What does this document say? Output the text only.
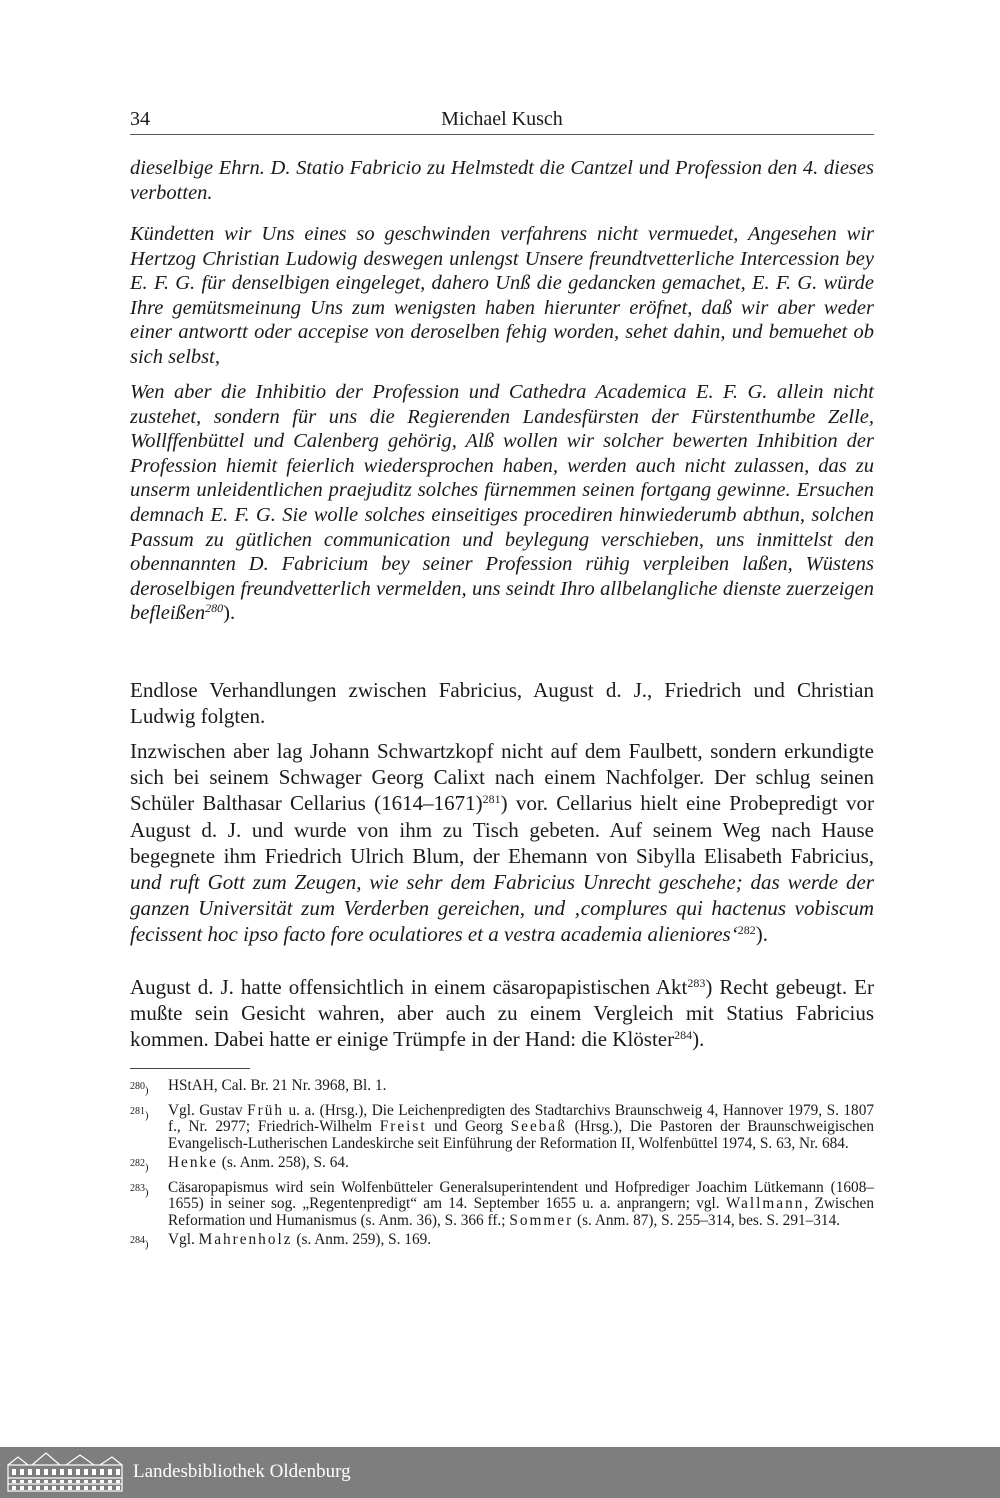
34	Michael Kusch

dieselbige Ehrn. D. Statio Fabricio zu Helmstedt die Cantzel und Profession den 4. dieses verbotten.

Kündetten wir Uns eines so geschwinden verfahrens nicht vermuedet, Angesehen wir Hertzog Christian Ludowig deswegen unlengst Unsere freundtvetterliche Intercession bey E. F. G. für denselbigen eingeleget, dahero Unß die gedancken gemachet, E. F. G. würde Ihre gemütsmeinung Uns zum wenigsten haben hierunter eröfnet, daß wir aber weder einer antwortt oder accepise von deroselben fehig worden, sehet dahin, und bemuehet ob sich selbst,

Wen aber die Inhibitio der Profession und Cathedra Academica E. F. G. allein nicht zustehet, sondern für uns die Regierenden Landesfürsten der Fürstenthumbe Zelle, Wollffenbüttel und Calenberg gehörig, Alß wollen wir solcher bewerten Inhibition der Profession hiemit feierlich wiedersprochen haben, werden auch nicht zulassen, das zu unserm unleidentlichen praejuditz solches fürnemmen seinen fortgang gewinne. Ersuchen demnach E. F. G. Sie wolle solches einseitiges procediren hinwiederumb abthun, solchen Passum zu gütlichen communication und beylegung verschieben, uns inmittelst den obennannten D. Fabricium bey seiner Profession rühig verpleiben laßen, Wüstens deroselbigen freundvetterlich vermelden, uns seindt Ihro allbelangliche dienste zuerzeigen befleißen$^{280}$).

Endlose Verhandlungen zwischen Fabricius, August d. J., Friedrich und Christian Ludwig folgten.

Inzwischen aber lag Johann Schwartzkopf nicht auf dem Faulbett, sondern erkundigte sich bei seinem Schwager Georg Calixt nach einem Nachfolger. Der schlug seinen Schüler Balthasar Cellarius (1614–1671)$^{281}$) vor. Cellarius hielt eine Probepredigt vor August d. J. und wurde von ihm zu Tisch gebeten. Auf seinem Weg nach Hause begegnete ihm Friedrich Ulrich Blum, der Ehemann von Sibylla Elisabeth Fabricius, und ruft Gott zum Zeugen, wie sehr dem Fabricius Unrecht geschehe; das werde der ganzen Universität zum Verderben gereichen, und ‚complures qui hactenus vobiscum fecissent hoc ipso facto fore oculatiores et a vestra academia alieniores‘$^{282}$).

August d. J. hatte offensichtlich in einem cäsaropapistischen Akt$^{283}$) Recht gebeugt. Er mußte sein Gesicht wahren, aber auch zu einem Vergleich mit Statius Fabricius kommen. Dabei hatte er einige Trümpfe in der Hand: die Klöster$^{284}$).

$^{280}$)	HStAH, Cal. Br. 21 Nr. 3968, Bl. 1.
$^{281}$)	Vgl. Gustav Früh u. a. (Hrsg.), Die Leichenpredigten des Stadtarchivs Braunschweig 4, Hannover 1979, S. 1807 f., Nr. 2977; Friedrich-Wilhelm Freist und Georg Seebaß (Hrsg.), Die Pastoren der Braunschweigischen Evangelisch-Lutherischen Landeskirche seit Einführung der Reformation II, Wolfenbüttel 1974, S. 63, Nr. 684.
$^{282}$)	Henke (s. Anm. 258), S. 64.
$^{283}$)	Cäsaropapismus wird sein Wolfenbütteler Generalsuperintendent und Hofprediger Joachim Lütkemann (1608–1655) in seiner sog. „Regentenpredigt“ am 14. September 1655 u. a. anprangern; vgl. Wallmann, Zwischen Reformation und Humanismus (s. Anm. 36), S. 366 ff.; Sommer (s. Anm. 87), S. 255–314, bes. S. 291–314.
$^{284}$)	Vgl. Mahrenholz (s. Anm. 259), S. 169.
Landesbibliothek Oldenburg
